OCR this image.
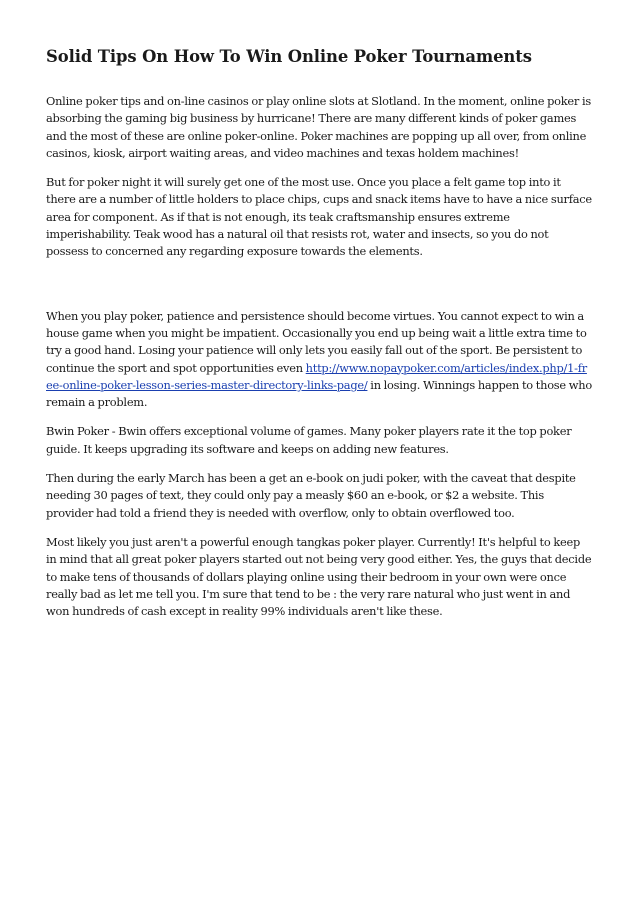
Solid Tips On How To Win Online Poker Tournaments

Online poker tips and on-line casinos or play online slots at Slotland. In the moment, online poker is absorbing the gaming big business by hurricane! There are many different kinds of poker games and the most of these are online poker-online. Poker machines are popping up all over, from online casinos, kiosk, airport waiting areas, and video machines and texas holdem machines!

But for poker night it will surely get one of the most use. Once you place a felt game top into it there are a number of little holders to place chips, cups and snack items have to have a nice surface area for component. As if that is not enough, its teak craftsmanship ensures extreme imperishability. Teak wood has a natural oil that resists rot, water and insects, so you do not possess to concerned any regarding exposure towards the elements.

When you play poker, patience and persistence should become virtues. You cannot expect to win a house game when you might be impatient. Occasionally you end up being wait a little extra time to try a good hand. Losing your patience will only lets you easily fall out of the sport. Be persistent to continue the sport and spot opportunities even http://www.nopaypoker.com/articles/index.php/1-free-online-poker-lesson-series-master-directory-links-page/ in losing. Winnings happen to those who remain a problem.

Bwin Poker - Bwin offers exceptional volume of games. Many poker players rate it the top poker guide. It keeps upgrading its software and keeps on adding new features.

Then during the early March has been a get an e-book on judi poker, with the caveat that despite needing 30 pages of text, they could only pay a measly $60 an e-book, or $2 a website. This provider had told a friend they is needed with overflow, only to obtain overflowed too.

Most likely you just aren't a powerful enough tangkas poker player. Currently! It's helpful to keep in mind that all great poker players started out not being very good either. Yes, the guys that decide to make tens of thousands of dollars playing online using their bedroom in your own were once really bad as let me tell you. I'm sure that tend to be : the very rare natural who just went in and won hundreds of cash except in reality 99% individuals aren't like these.
